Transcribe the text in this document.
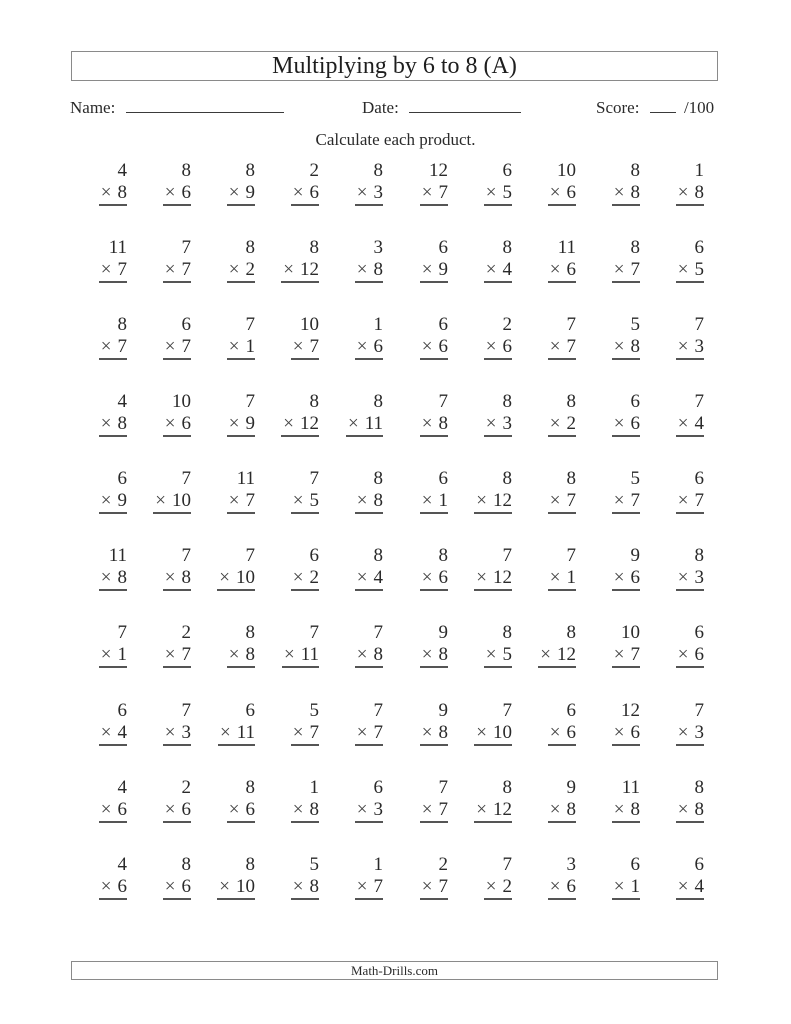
Multiplying by 6 to 8 (A)
Name:	Date:	Score:	/100
Calculate each product.
4
× 8
8
× 6
8
× 9
2
× 6
8
× 3
12
× 7
6
× 5
10
× 6
8
× 8
1
× 8
11
× 7
7
× 7
8
× 2
8
× 12
3
× 8
6
× 9
8
× 4
11
× 6
8
× 7
6
× 5
8
× 7
6
× 7
7
× 1
10
× 7
1
× 6
6
× 6
2
× 6
7
× 7
5
× 8
7
× 3
4
× 8
10
× 6
7
× 9
8
× 12
8
× 11
7
× 8
8
× 3
8
× 2
6
× 6
7
× 4
6
× 9
7
× 10
11
× 7
7
× 5
8
× 8
6
× 1
8
× 12
8
× 7
5
× 7
6
× 7
11
× 8
7
× 8
7
× 10
6
× 2
8
× 4
8
× 6
7
× 12
7
× 1
9
× 6
8
× 3
7
× 1
2
× 7
8
× 8
7
× 11
7
× 8
9
× 8
8
× 5
8
× 12
10
× 7
6
× 6
6
× 4
7
× 3
6
× 11
5
× 7
7
× 7
9
× 8
7
× 10
6
× 6
12
× 6
7
× 3
4
× 6
2
× 6
8
× 6
1
× 8
6
× 3
7
× 7
8
× 12
9
× 8
11
× 8
8
× 8
4
× 6
8
× 6
8
× 10
5
× 8
1
× 7
2
× 7
7
× 2
3
× 6
6
× 1
6
× 4
Math-Drills.com
